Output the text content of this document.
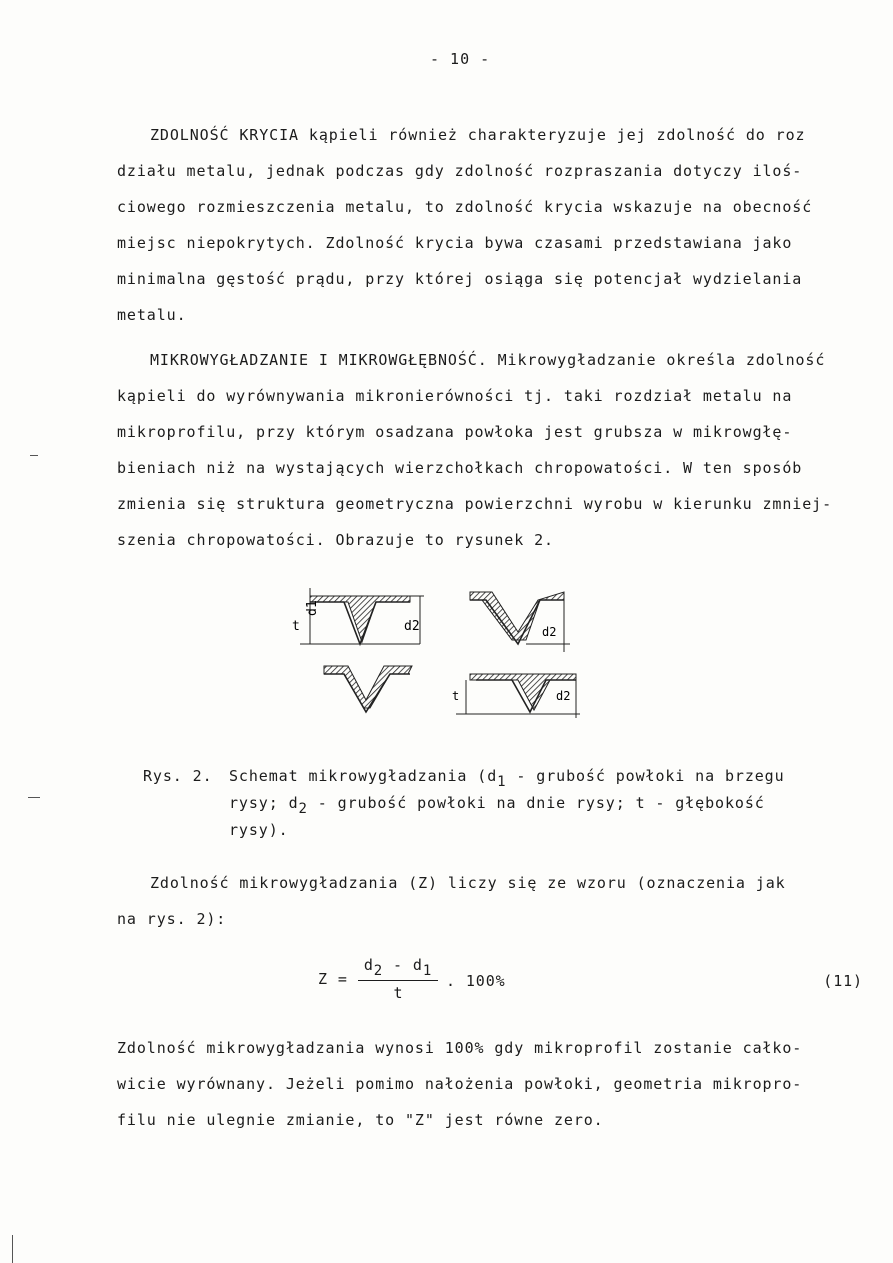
- 10 -
ZDOLNOŚĆ KRYCIA kąpieli również charakteryzuje jej zdolność do roz
działu metalu, jednak podczas gdy zdolność rozpraszania dotyczy iloś-
ciowego rozmieszczenia metalu, to zdolność krycia wskazuje na obecność
miejsc niepokrytych. Zdolność krycia bywa czasami przedstawiana jako
minimalna gęstość prądu, przy której osiąga się potencjał wydzielania
metalu.
MIKROWYGŁADZANIE I MIKROWGŁĘBNOŚĆ. Mikrowygładzanie określa zdolność
kąpieli do wyrównywania mikronierówności tj. taki rozdział metalu na
mikroprofilu, przy którym osadzana powłoka jest grubsza w mikrowgłę-
bieniach niż na wystających wierzchołkach chropowatości. W ten sposób
zmienia się struktura geometryczna powierzchni wyrobu w kierunku zmniej-
szenia chropowatości. Obrazuje to rysunek 2.
d1
t	d2	d2
t	d2
Rys. 2. Schemat mikrowygładzania ($d_1$ - grubość powłoki na brzegu
rysy; $d_2$ - grubość powłoki na dnie rysy; t - głębokość
rysy).
Zdolność mikrowygładzania (Z) liczy się ze wzoru (oznaczenia jak
na rys. 2):
$Z = \frac{d_2 - d_1}{t}$ . 100%	(11)
Zdolność mikrowygładzania wynosi 100% gdy mikroprofil zostanie całko-
wicie wyrównany. Jeżeli pomimo nałożenia powłoki, geometria mikropro-
filu nie ulegnie zmianie, to "Z" jest równe zero.
